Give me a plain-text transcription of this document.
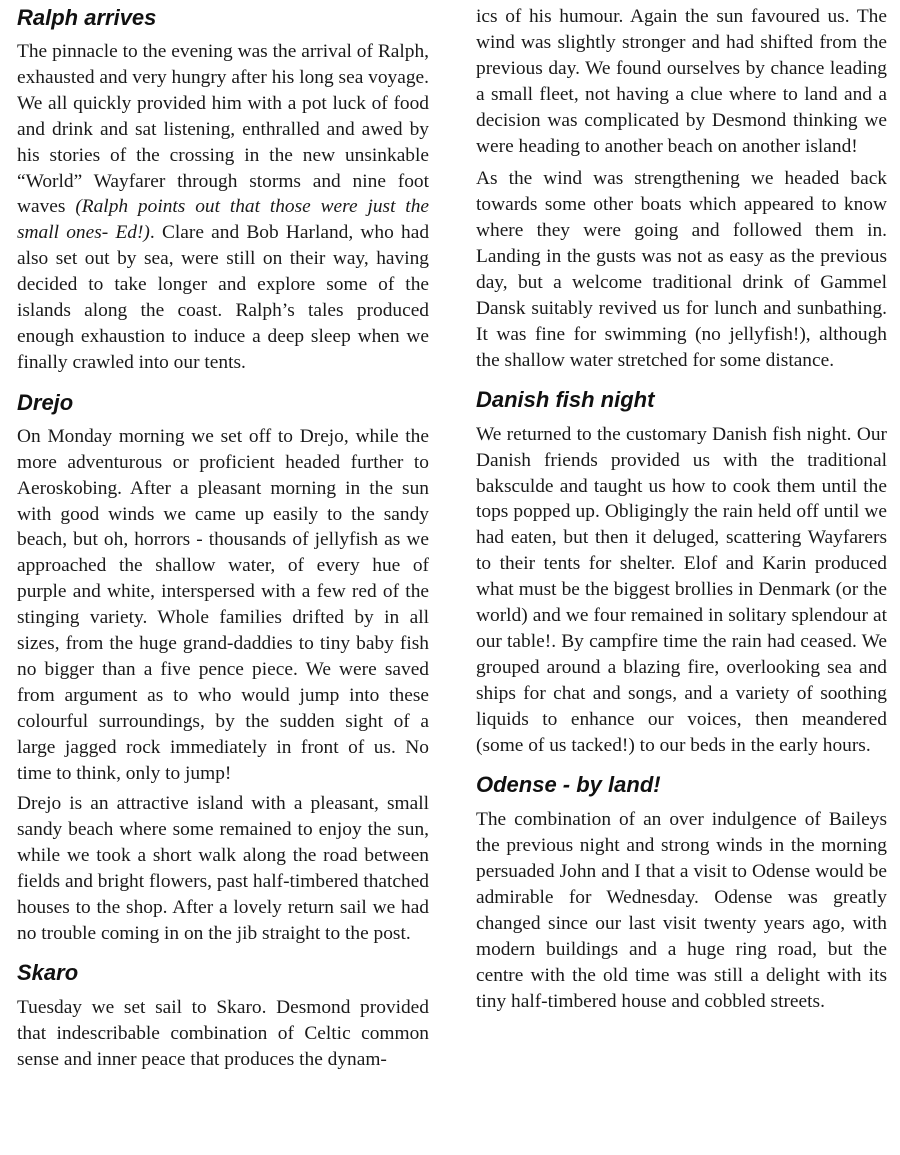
Ralph arrives

The pinnacle to the evening was the arrival of Ralph, exhausted and very hungry after his long sea voyage. We all quickly provided him with a pot luck of food and drink and sat listening, enthralled and awed by his stories of the crossing in the new unsinkable “World” Wayfarer through storms and nine foot waves (Ralph points out that those were just the small ones- Ed!). Clare and Bob Harland, who had also set out by sea, were still on their way, having decided to take longer and explore some of the islands along the coast. Ralph’s tales produced enough exhaustion to induce a deep sleep when we finally crawled into our tents.

Drejo

On Monday morning we set off to Drejo, while the more adventurous or proficient headed further to Aeroskobing. After a pleasant morning in the sun with good winds we came up easily to the sandy beach, but oh, horrors - thousands of jellyfish as we approached the shallow water, of every hue of purple and white, interspersed with a few red of the stinging variety. Whole families drifted by in all sizes, from the huge grand-daddies to tiny baby fish no bigger than a five pence piece. We were saved from argument as to who would jump into these colourful surroundings, by the sudden sight of a large jagged rock immediately in front of us. No time to think, only to jump!

Drejo is an attractive island with a pleasant, small sandy beach where some remained to enjoy the sun, while we took a short walk along the road between fields and bright flowers, past half-timbered thatched houses to the shop. After a lovely return sail we had no trouble coming in on the jib straight to the post.

Skaro

Tuesday we set sail to Skaro. Desmond provided that indescribable combination of Celtic common sense and inner peace that produces the dynam-

ics of his humour. Again the sun favoured us. The wind was slightly stronger and had shifted from the previous day. We found ourselves by chance leading a small fleet, not having a clue where to land and a decision was complicated by Desmond thinking we were heading to another beach on another island!

As the wind was strengthening we headed back towards some other boats which appeared to know where they were going and followed them in. Landing in the gusts was not as easy as the previous day, but a welcome traditional drink of Gammel Dansk suitably revived us for lunch and sunbathing. It was fine for swimming (no jellyfish!), although the shallow water stretched for some distance.

Danish fish night

We returned to the customary Danish fish night. Our Danish friends provided us with the traditional baksculde and taught us how to cook them until the tops popped up. Obligingly the rain held off until we had eaten, but then it deluged, scattering Wayfarers to their tents for shelter. Elof and Karin produced what must be the biggest brollies in Denmark (or the world) and we four remained in solitary splendour at our table!. By campfire time the rain had ceased. We grouped around a blazing fire, overlooking sea and ships for chat and songs, and a variety of soothing liquids to enhance our voices, then meandered (some of us tacked!) to our beds in the early hours.

Odense - by land!

The combination of an over indulgence of Baileys the previous night and strong winds in the morning persuaded John and I that a visit to Odense would be admirable for Wednesday. Odense was greatly changed since our last visit twenty years ago, with modern buildings and a huge ring road, but the centre with the old time was still a delight with its tiny half-timbered house and cobbled streets.
